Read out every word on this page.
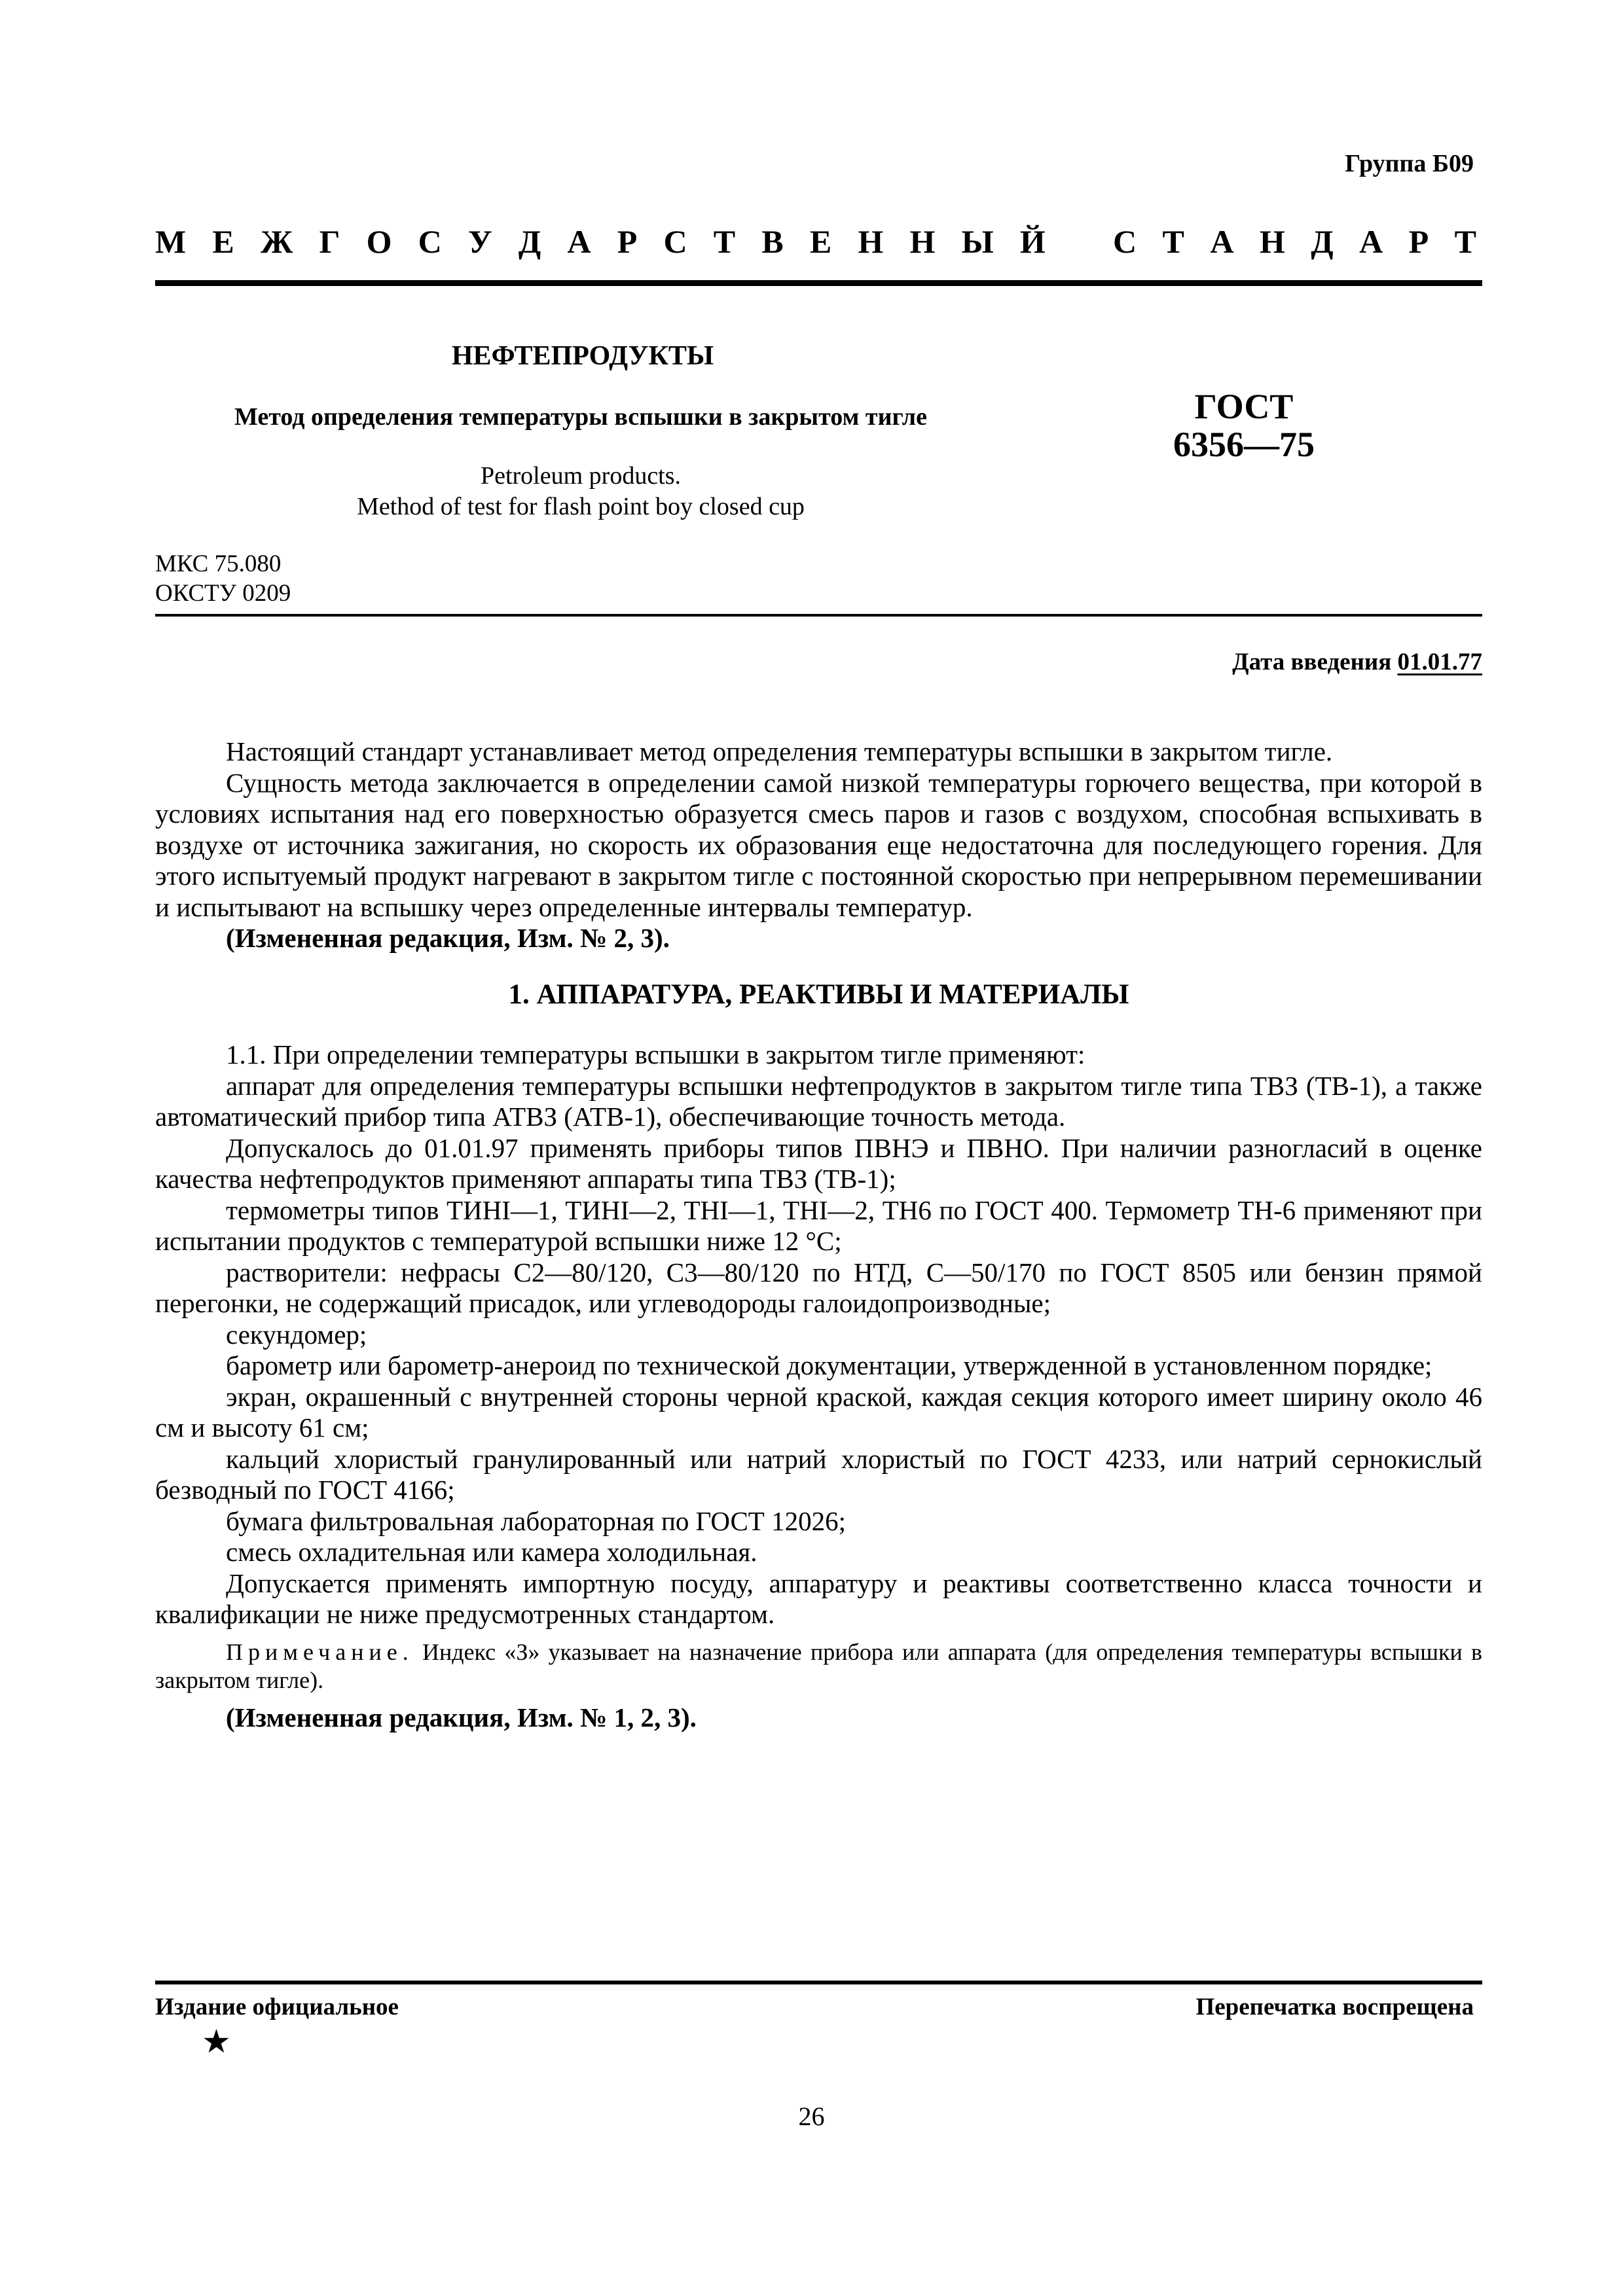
Группа Б09
М Е Ж Г О С У Д А Р С Т В Е Н Н Ы Й С Т А Н Д А Р Т
НЕФТЕПРОДУКТЫ
Метод определения температуры вспышки в закрытом тигле
Petroleum products.
Method of test for flash point boy closed cup
ГОСТ
6356—75
МКС 75.080
ОКСТУ 0209
Дата введения 01.01.77

Настоящий стандарт устанавливает метод определения температуры вспышки в закрытом тигле.

Сущность метода заключается в определении самой низкой температуры горючего вещества, при которой в условиях испытания над его поверхностью образуется смесь паров и газов с воздухом, способная вспыхивать в воздухе от источника зажигания, но скорость их образования еще недостаточна для последующего горения. Для этого испытуемый продукт нагревают в закрытом тигле с постоянной скоростью при непрерывном перемешивании и испытывают на вспышку через определенные интервалы температур.

(Измененная редакция, Изм. № 2, 3).

1. АППАРАТУРА, РЕАКТИВЫ И МАТЕРИАЛЫ

1.1. При определении температуры вспышки в закрытом тигле применяют:

аппарат для определения температуры вспышки нефтепродуктов в закрытом тигле типа ТВЗ (ТВ-1), а также автоматический прибор типа АТВЗ (АТВ-1), обеспечивающие точность метода.

Допускалось до 01.01.97 применять приборы типов ПВНЭ и ПВНО. При наличии разногласий в оценке качества нефтепродуктов применяют аппараты типа ТВЗ (ТВ-1);

термометры типов ТИНІ—1, ТИНІ—2, ТНІ—1, ТНІ—2, ТН6 по ГОСТ 400. Термометр ТН-6 применяют при испытании продуктов с температурой вспышки ниже 12 °С;

растворители: нефрасы С2—80/120, С3—80/120 по НТД, С—50/170 по ГОСТ 8505 или бензин прямой перегонки, не содержащий присадок, или углеводороды галоидопроизводные;

секундомер;

барометр или барометр-анероид по технической документации, утвержденной в установленном порядке;

экран, окрашенный с внутренней стороны черной краской, каждая секция которого имеет ширину около 46 см и высоту 61 см;

кальций хлористый гранулированный или натрий хлористый по ГОСТ 4233, или натрий сернокислый безводный по ГОСТ 4166;

бумага фильтровальная лабораторная по ГОСТ 12026;

смесь охладительная или камера холодильная.

Допускается применять импортную посуду, аппаратуру и реактивы соответственно класса точности и квалификации не ниже предусмотренных стандартом.

Примечание. Индекс «З» указывает на назначение прибора или аппарата (для определения температуры вспышки в закрытом тигле).

(Измененная редакция, Изм. № 1, 2, 3).

Издание официальное	Перепечатка воспрещена
★
26
